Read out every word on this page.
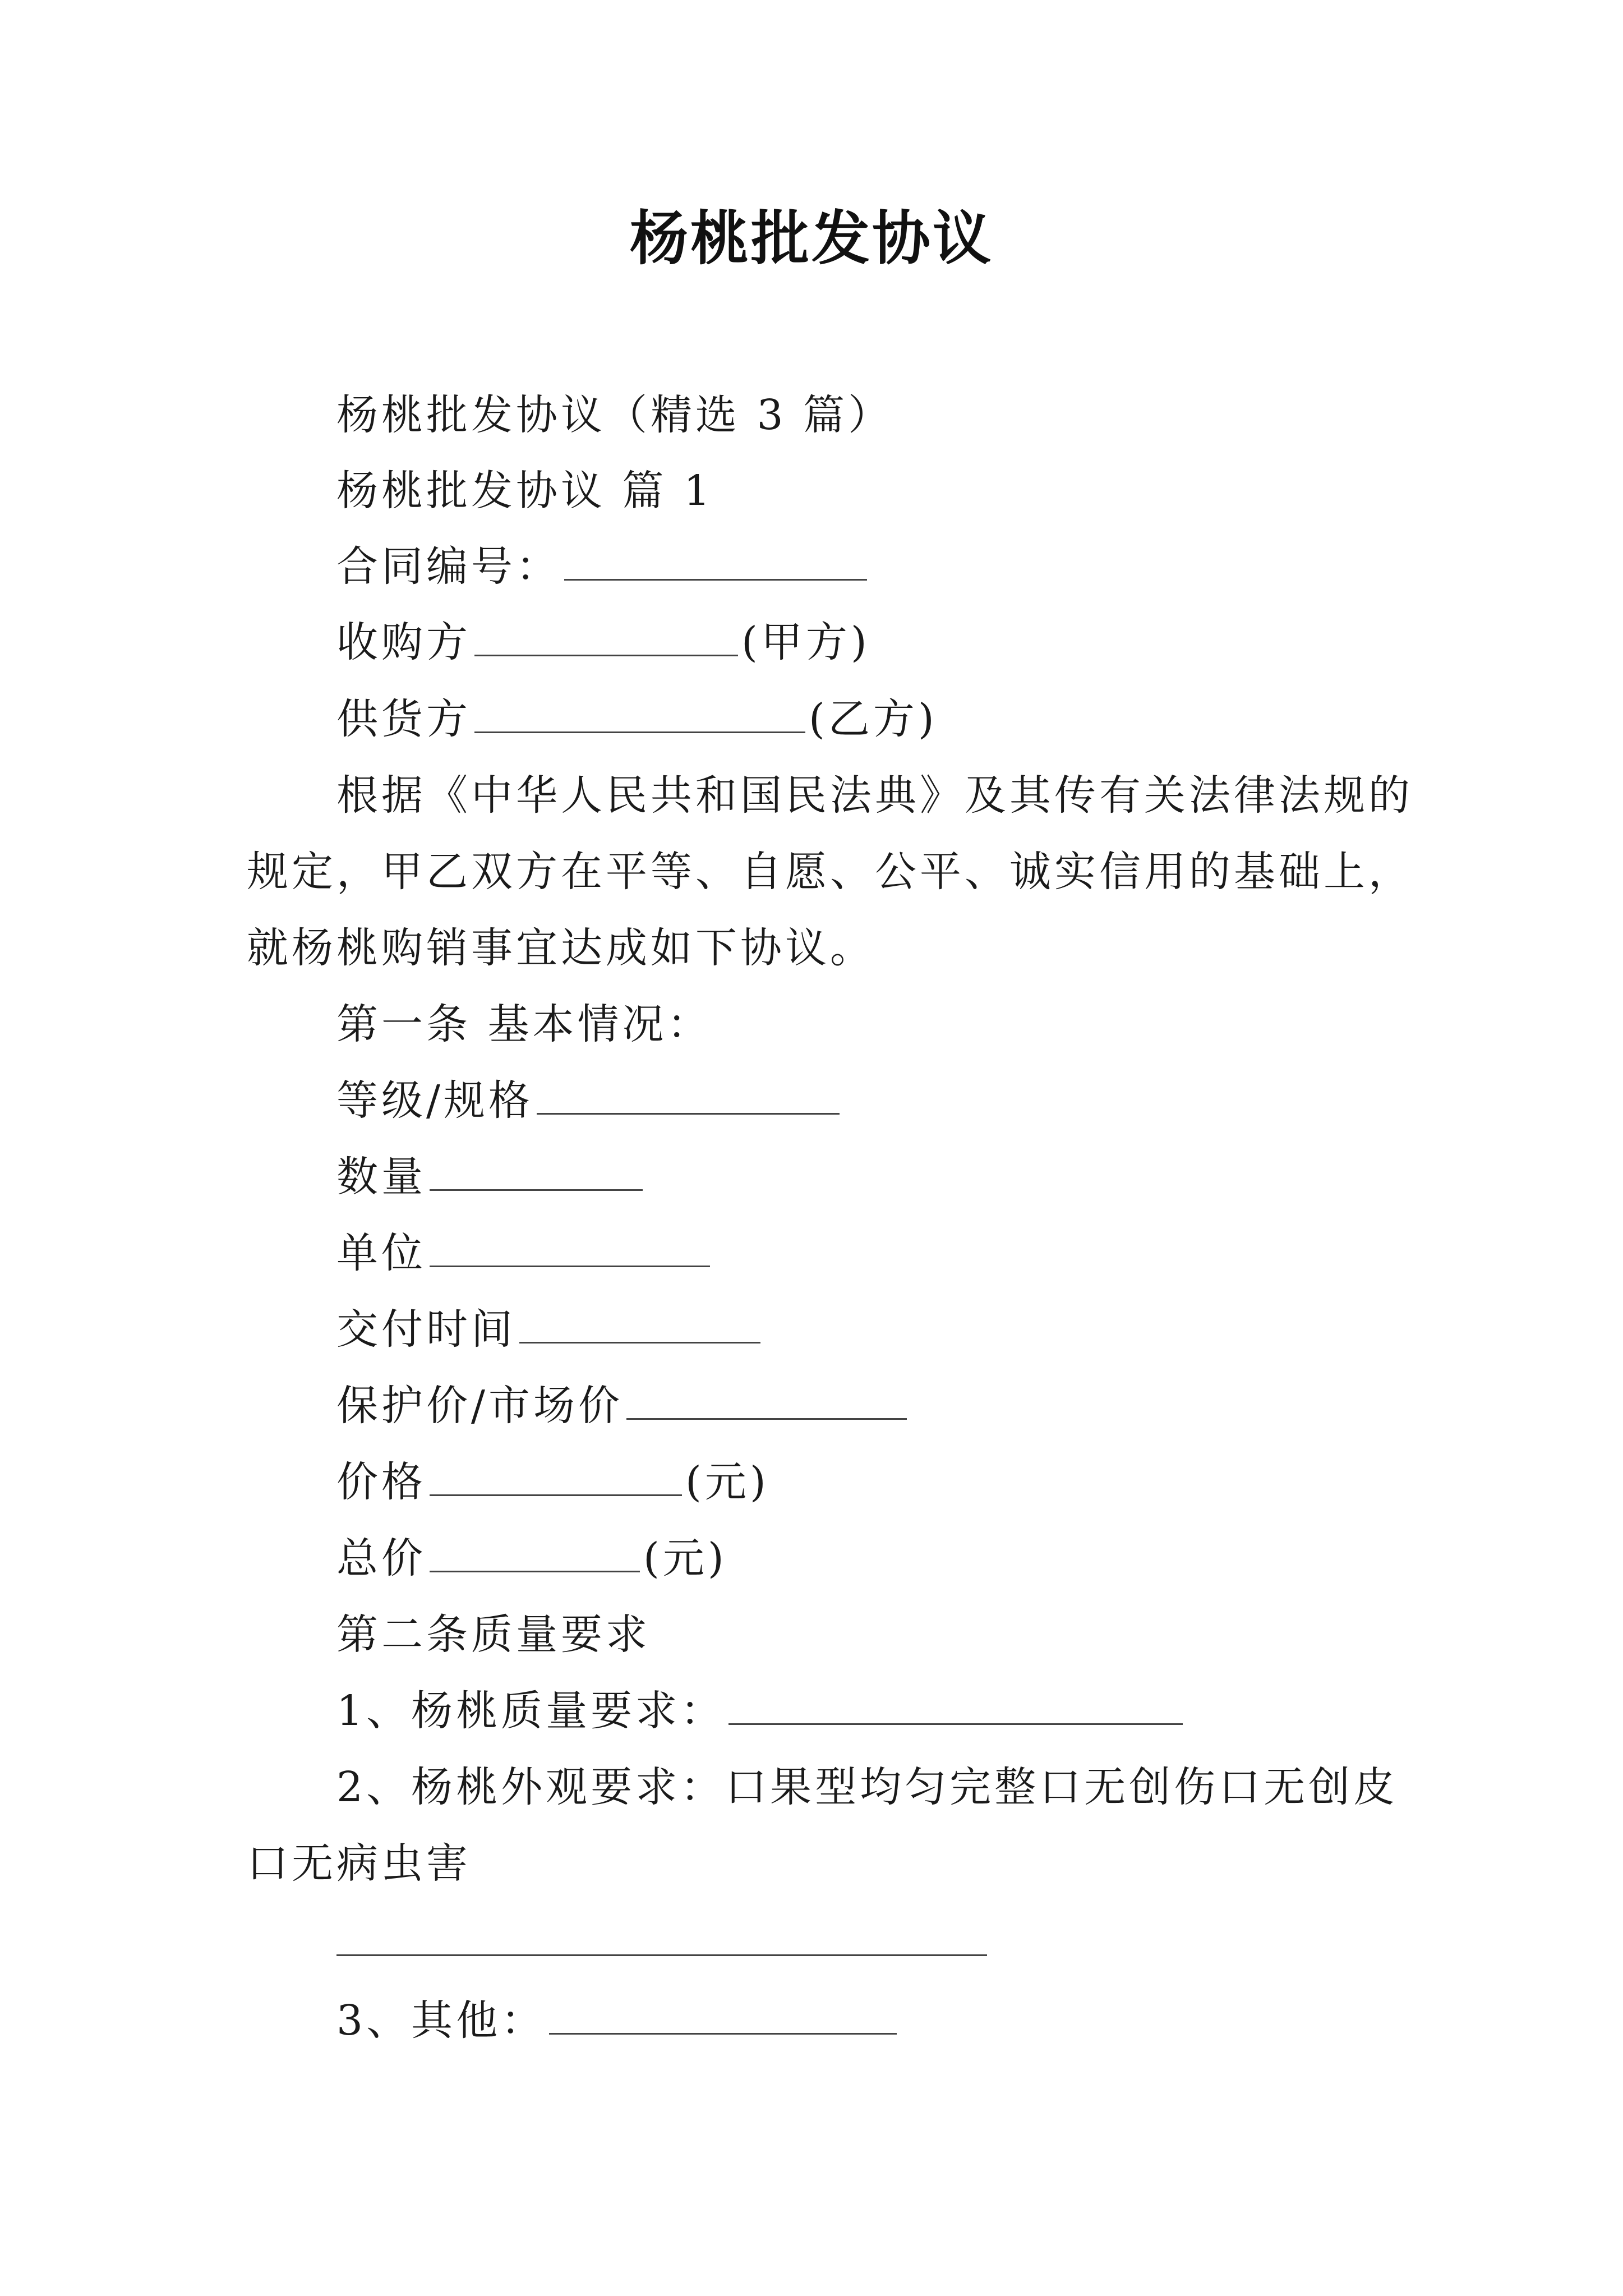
杨桃批发协议
杨桃批发协议（精选 3 篇）
杨桃批发协议 篇 1
合同编号：
收购方	(甲方)
供货方	(乙方)
根据《中华人民共和国民法典》及其传有关法律法规的
规定，甲乙双方在平等、自愿、公平、诚实信用的基础上，
就杨桃购销事宜达成如下协议。
第一条 基本情况：
等级/规格
数量
单位
交付时间
保护价/市场价
价格	(元)
总价	(元)
第二条质量要求
1、杨桃质量要求：
2、杨桃外观要求：口果型均匀完整口无创伤口无创皮
口无病虫害
3、其他：
